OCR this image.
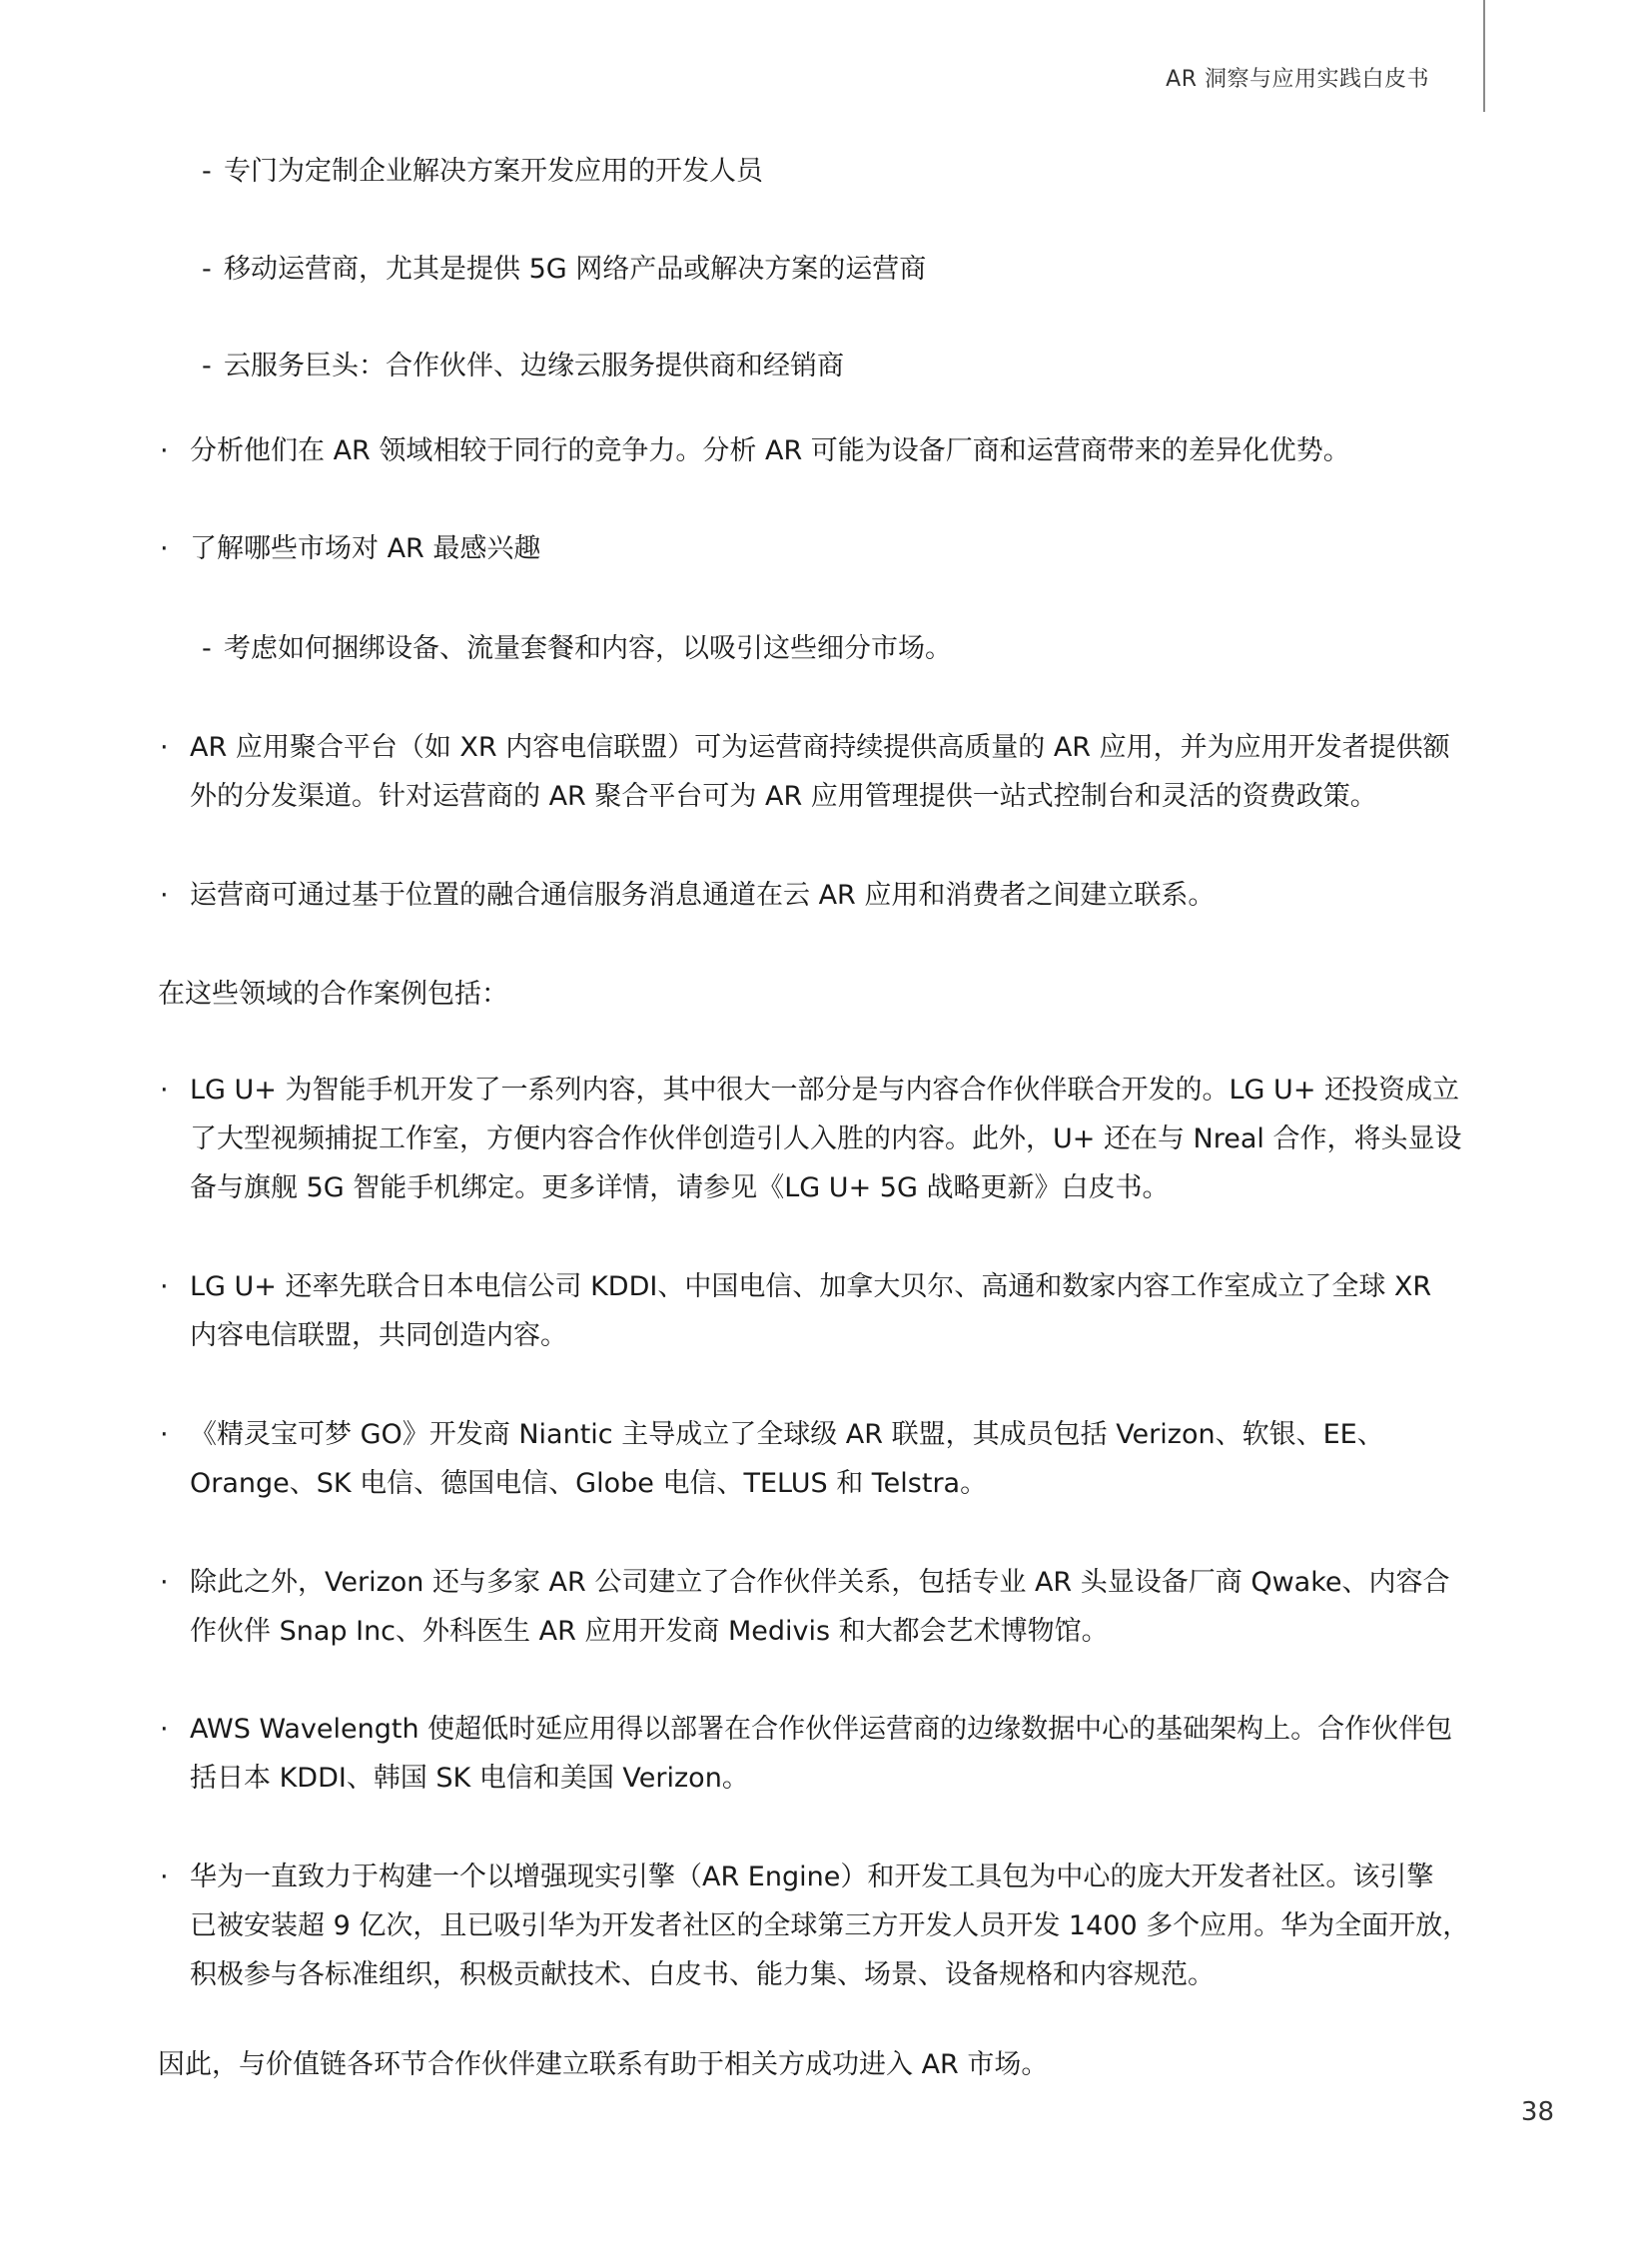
AR 洞察与应用实践白皮书
- 专门为定制企业解决方案开发应用的开发人员
- 移动运营商，尤其是提供 5G 网络产品或解决方案的运营商
- 云服务巨头：合作伙伴、边缘云服务提供商和经销商
· 分析他们在 AR 领域相较于同行的竞争力。分析 AR 可能为设备厂商和运营商带来的差异化优势。
· 了解哪些市场对 AR 最感兴趣
- 考虑如何捆绑设备、流量套餐和内容，以吸引这些细分市场。
· AR 应用聚合平台（如 XR 内容电信联盟）可为运营商持续提供高质量的 AR 应用，并为应用开发者提供额
外的分发渠道。针对运营商的 AR 聚合平台可为 AR 应用管理提供一站式控制台和灵活的资费政策。
· 运营商可通过基于位置的融合通信服务消息通道在云 AR 应用和消费者之间建立联系。
在这些领域的合作案例包括：
· LG U+ 为智能手机开发了一系列内容，其中很大一部分是与内容合作伙伴联合开发的。LG U+ 还投资成立
了大型视频捕捉工作室，方便内容合作伙伴创造引人入胜的内容。此外，U+ 还在与 Nreal 合作，将头显设
备与旗舰 5G 智能手机绑定。更多详情，请参见《LG U+ 5G 战略更新》白皮书。
· LG U+ 还率先联合日本电信公司 KDDI、中国电信、加拿大贝尔、高通和数家内容工作室成立了全球 XR
内容电信联盟，共同创造内容。
· 《精灵宝可梦 GO》开发商 Niantic 主导成立了全球级 AR 联盟，其成员包括 Verizon、软银、EE、
Orange、SK 电信、德国电信、Globe 电信、TELUS 和 Telstra。
· 除此之外，Verizon 还与多家 AR 公司建立了合作伙伴关系，包括专业 AR 头显设备厂商 Qwake、内容合
作伙伴 Snap Inc、外科医生 AR 应用开发商 Medivis 和大都会艺术博物馆。
· AWS Wavelength 使超低时延应用得以部署在合作伙伴运营商的边缘数据中心的基础架构上。合作伙伴包
括日本 KDDI、韩国 SK 电信和美国 Verizon。
· 华为一直致力于构建一个以增强现实引擎（AR Engine）和开发工具包为中心的庞大开发者社区。该引擎
已被安装超 9 亿次，且已吸引华为开发者社区的全球第三方开发人员开发 1400 多个应用。华为全面开放，
积极参与各标准组织，积极贡献技术、白皮书、能力集、场景、设备规格和内容规范。
因此，与价值链各环节合作伙伴建立联系有助于相关方成功进入 AR 市场。
38
